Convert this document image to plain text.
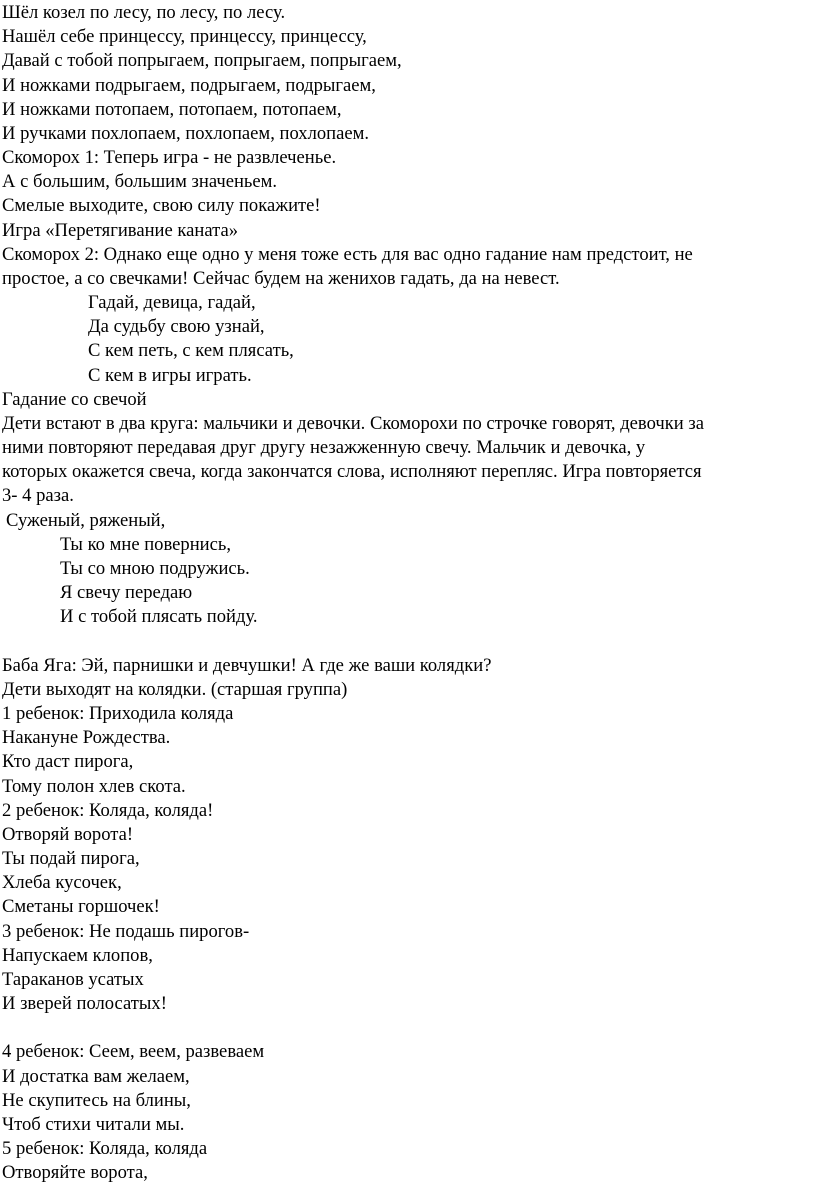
Шёл козел по лесу, по лесу, по лесу.
Нашёл себе принцессу, принцессу, принцессу,
Давай с тобой попрыгаем, попрыгаем, попрыгаем,
И ножками подрыгаем, подрыгаем, подрыгаем,
И ножками потопаем, потопаем, потопаем,
И ручками похлопаем, похлопаем, похлопаем.
Скоморох 1: Теперь игра - не развлеченье.
А с большим, большим значеньем.
Смелые выходите, свою силу покажите!
Игра «Перетягивание каната»
Скоморох 2: Однако еще одно у меня тоже есть для вас одно гадание нам предстоит, не
простое, а со свечками! Сейчас будем на женихов гадать, да на невест.
Гадай, девица, гадай,
Да судьбу свою узнай,
С кем петь, с кем плясать,
С кем в игры играть.
Гадание со свечой
Дети встают в два круга: мальчики и девочки. Скоморохи по строчке говорят, девочки за
ними повторяют передавая друг другу незажженную свечу. Мальчик и девочка, у
которых окажется свеча, когда закончатся слова, исполняют перепляс. Игра повторяется
3- 4 раза.
Суженый, ряженый,
Ты ко мне повернись,
Ты со мною подружись.
Я свечу передаю
И с тобой плясать пойду.
Баба Яга: Эй, парнишки и девчушки! А где же ваши колядки?
Дети выходят на колядки. (старшая группа)
1 ребенок: Приходила коляда
Накануне Рождества.
Кто даст пирога,
Тому полон хлев скота.
2 ребенок: Коляда, коляда!
Отворяй ворота!
Ты подай пирога,
Хлеба кусочек,
Сметаны горшочек!
3 ребенок: Не подашь пирогов-
Напускаем клопов,
Тараканов усатых
И зверей полосатых!
4 ребенок: Сеем, веем, развеваем
И достатка вам желаем,
Не скупитесь на блины,
Чтоб стихи читали мы.
5 ребенок: Коляда, коляда
Отворяйте ворота,
